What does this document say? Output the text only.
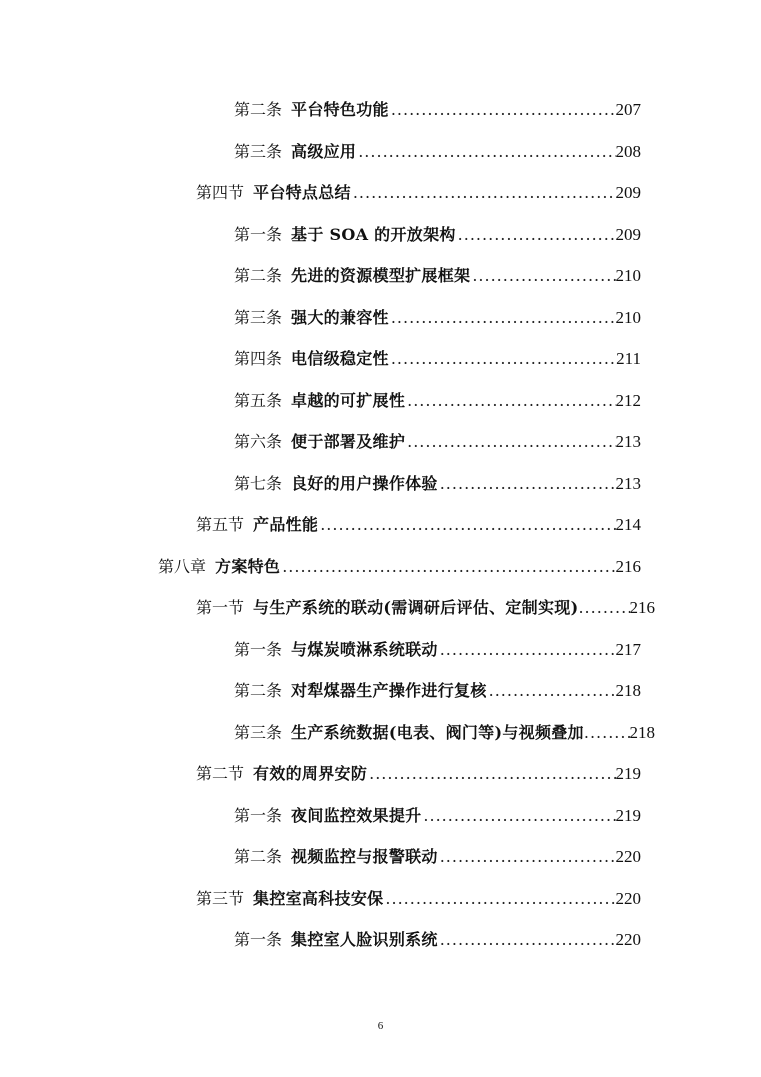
第二条 平台特色功能 .....	207
第三条 高级应用 .....	208
第四节 平台特点总结 .....	209
第一条 基于 SOA 的开放架构 .....	209
第二条 先进的资源模型扩展框架 .....	210
第三条 强大的兼容性 .....	210
第四条 电信级稳定性 .....	211
第五条 卓越的可扩展性 .....	212
第六条 便于部署及维护 .....	213
第七条 良好的用户操作体验 .....	213
第五节 产品性能 .....	214
第八章 方案特色 .....	216
第一节 与生产系统的联动(需调研后评估、定制实现) .....	216
第一条 与煤炭喷淋系统联动 .....	217
第二条 对犁煤器生产操作进行复核 .....	218
第三条 生产系统数据(电表、阀门等)与视频叠加 .....	218
第二节 有效的周界安防 .....	219
第一条 夜间监控效果提升 .....	219
第二条 视频监控与报警联动 .....	220
第三节 集控室高科技安保 .....	220
第一条 集控室人脸识别系统 .....	220
6
